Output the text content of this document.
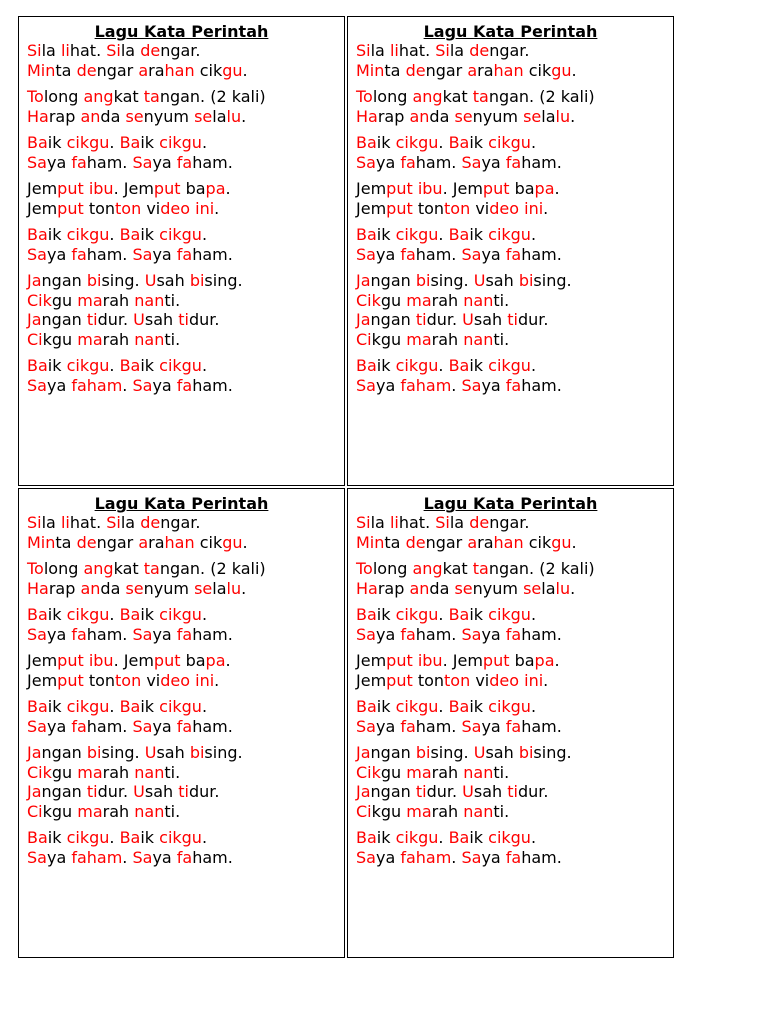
Lagu Kata Perintah
Sila lihat. Sila dengar.
Minta dengar arahan cikgu.
Tolong angkat tangan. (2 kali)
Harap anda senyum selalu.
Baik cikgu. Baik cikgu.
Saya faham. Saya faham.
Jemput ibu. Jemput bapa.
Jemput tonton video ini.
Baik cikgu. Baik cikgu.
Saya faham. Saya faham.
Jangan bising. Usah bising.
Cikgu marah nanti.
Jangan tidur. Usah tidur.
Cikgu marah nanti.
Baik cikgu. Baik cikgu.
Saya faham. Saya faham.
Lagu Kata Perintah
Sila lihat. Sila dengar.
Minta dengar arahan cikgu.
Tolong angkat tangan. (2 kali)
Harap anda senyum selalu.
Baik cikgu. Baik cikgu.
Saya faham. Saya faham.
Jemput ibu. Jemput bapa.
Jemput tonton video ini.
Baik cikgu. Baik cikgu.
Saya faham. Saya faham.
Jangan bising. Usah bising.
Cikgu marah nanti.
Jangan tidur. Usah tidur.
Cikgu marah nanti.
Baik cikgu. Baik cikgu.
Saya faham. Saya faham.
Lagu Kata Perintah
Sila lihat. Sila dengar.
Minta dengar arahan cikgu.
Tolong angkat tangan. (2 kali)
Harap anda senyum selalu.
Baik cikgu. Baik cikgu.
Saya faham. Saya faham.
Jemput ibu. Jemput bapa.
Jemput tonton video ini.
Baik cikgu. Baik cikgu.
Saya faham. Saya faham.
Jangan bising. Usah bising.
Cikgu marah nanti.
Jangan tidur. Usah tidur.
Cikgu marah nanti.
Baik cikgu. Baik cikgu.
Saya faham. Saya faham.
Lagu Kata Perintah
Sila lihat. Sila dengar.
Minta dengar arahan cikgu.
Tolong angkat tangan. (2 kali)
Harap anda senyum selalu.
Baik cikgu. Baik cikgu.
Saya faham. Saya faham.
Jemput ibu. Jemput bapa.
Jemput tonton video ini.
Baik cikgu. Baik cikgu.
Saya faham. Saya faham.
Jangan bising. Usah bising.
Cikgu marah nanti.
Jangan tidur. Usah tidur.
Cikgu marah nanti.
Baik cikgu. Baik cikgu.
Saya faham. Saya faham.
